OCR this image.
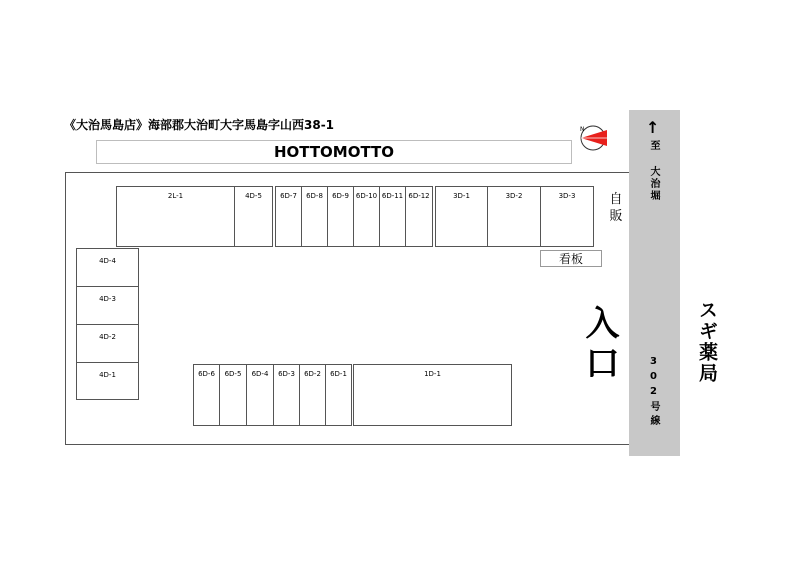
《大治馬島店》海部郡大治町大字馬島字山西38-1
HOTTOMOTTO
N
2L-1	4D-5	6D-7	6D-8	6D-9 6D-10 6D-11 6D-12	3D-1	3D-2	3D-3
4D-4
4D-3
4D-2
4D-1	6D-6	6D-5	6D-4	6D-3	6D-2	6D-1	1D-1
自
販
看板
入口
↑
至
大治堀
302号線
スギ薬局
